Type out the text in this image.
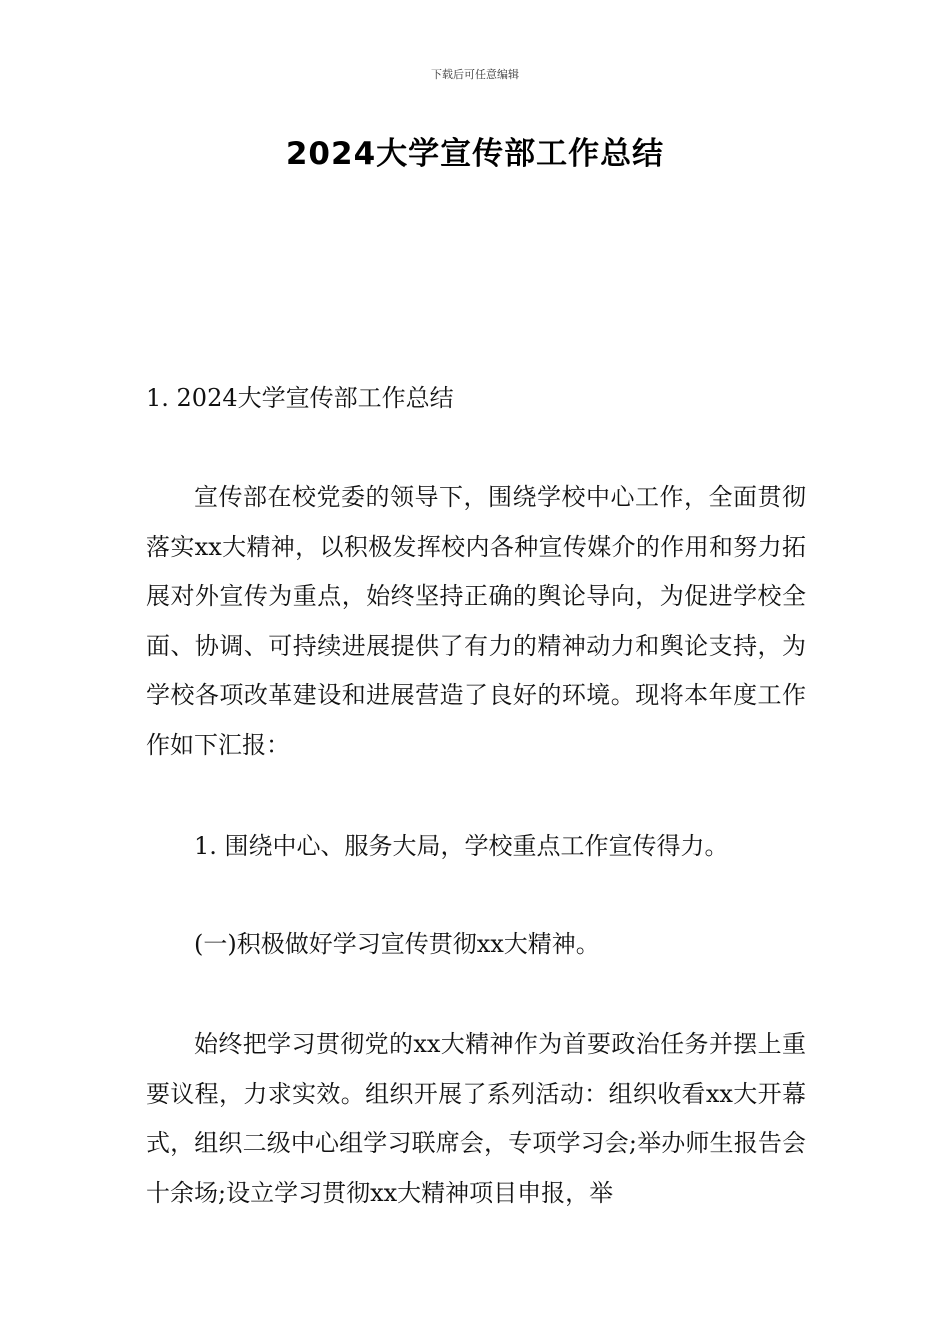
下载后可任意编辑
2024大学宣传部工作总结

1. 2024大学宣传部工作总结

宣传部在校党委的领导下，围绕学校中心工作，全面贯彻落实xx大精神，以积极发挥校内各种宣传媒介的作用和努力拓展对外宣传为重点，始终坚持正确的舆论导向，为促进学校全面、协调、可持续进展提供了有力的精神动力和舆论支持，为学校各项改革建设和进展营造了良好的环境。现将本年度工作作如下汇报：

1. 围绕中心、服务大局，学校重点工作宣传得力。

(一)积极做好学习宣传贯彻xx大精神。

始终把学习贯彻党的xx大精神作为首要政治任务并摆上重要议程，力求实效。组织开展了系列活动：组织收看xx大开幕式，组织二级中心组学习联席会，专项学习会;举办师生报告会十余场;设立学习贯彻xx大精神项目申报，举
